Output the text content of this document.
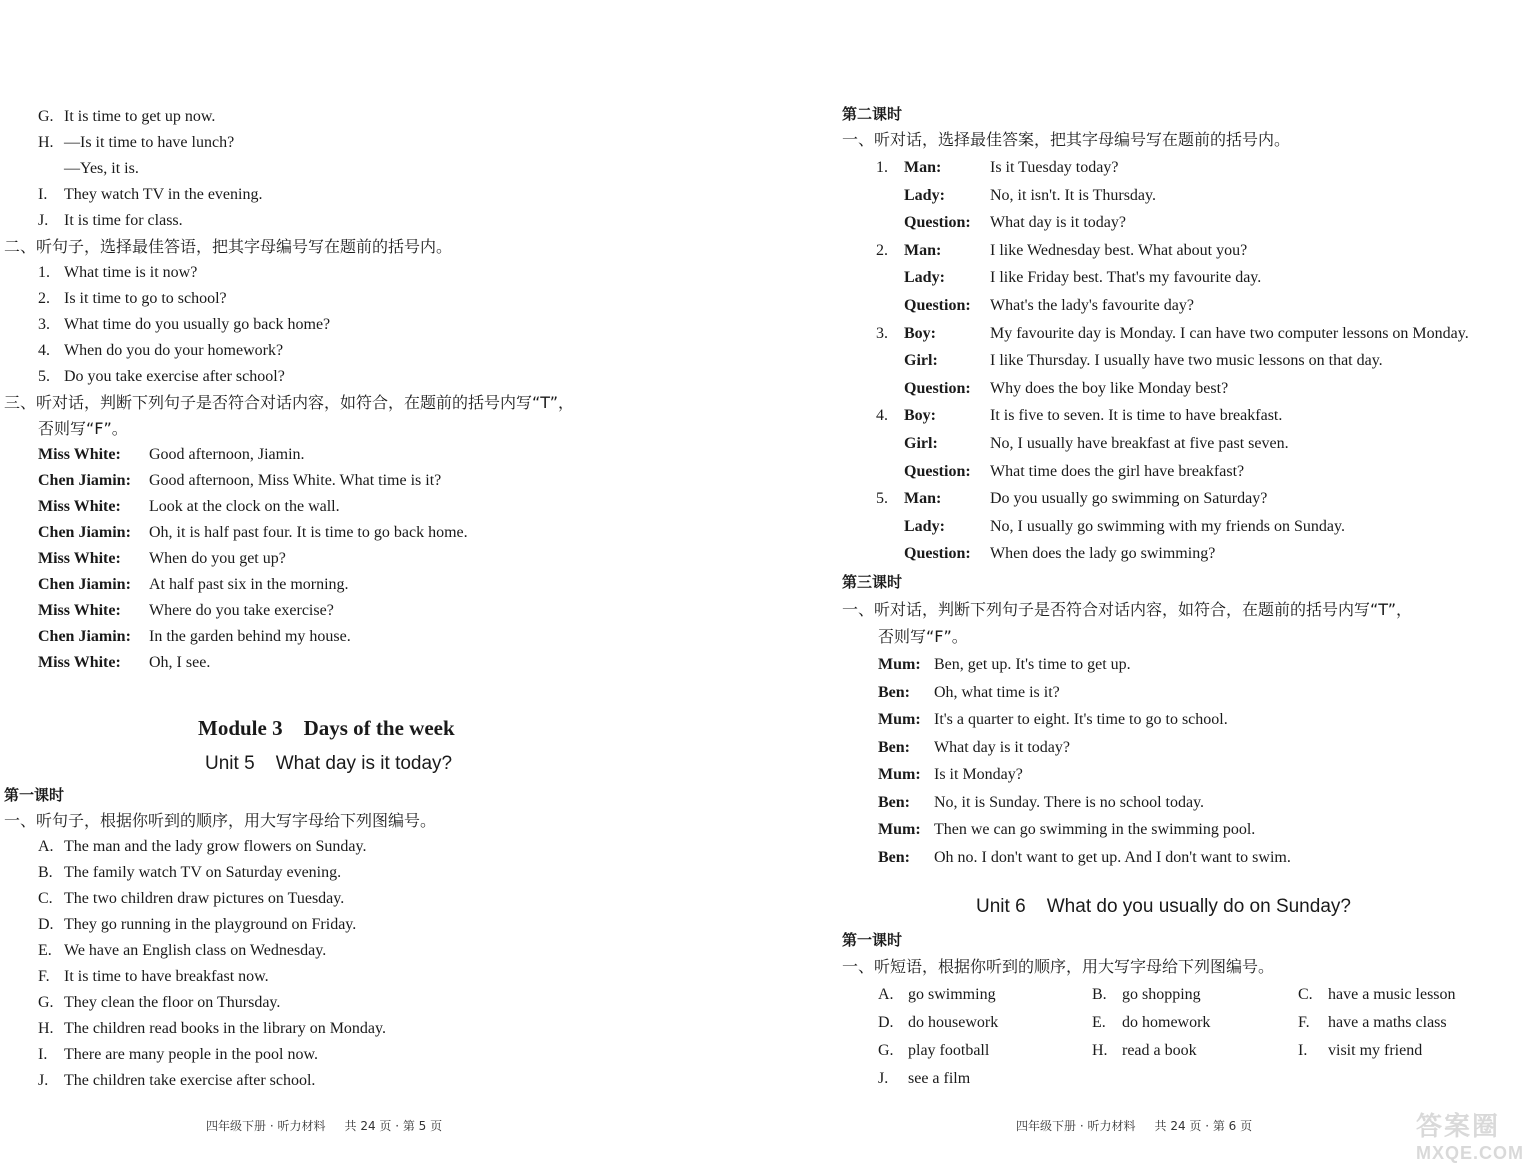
G. It is time to get up now.
H. —Is it time to have lunch?
—Yes, it is.
I. They watch TV in the evening.
J. It is time for class.
二、听句子，选择最佳答语，把其字母编号写在题前的括号内。
1. What time is it now?
2. Is it time to go to school?
3. What time do you usually go back home?
4. When do you do your homework?
5. Do you take exercise after school?
三、听对话，判断下列句子是否符合对话内容，如符合，在题前的括号内写“T”，
否则写“F”。
Miss White: Good afternoon, Jiamin.
Chen Jiamin: Good afternoon, Miss White. What time is it?
Miss White: Look at the clock on the wall.
Chen Jiamin: Oh, it is half past four. It is time to go back home.
Miss White: When do you get up?
Chen Jiamin: At half past six in the morning.
Miss White: Where do you take exercise?
Chen Jiamin: In the garden behind my house.
Miss White: Oh, I see.
Module 3    Days of the week
Unit 5    What day is it today?
第一课时
一、听句子，根据你听到的顺序，用大写字母给下列图编号。
A. The man and the lady grow flowers on Sunday.
B. The family watch TV on Saturday evening.
C. The two children draw pictures on Tuesday.
D. They go running in the playground on Friday.
E. We have an English class on Wednesday.
F. It is time to have breakfast now.
G. They clean the floor on Thursday.
H. The children read books in the library on Monday.
I. There are many people in the pool now.
J. The children take exercise after school.
四年级下册 · 听力材料     共 24 页 · 第 5 页
第二课时
一、听对话，选择最佳答案，把其字母编号写在题前的括号内。
1. Man:	Is it Tuesday today?
Lady:	No, it isn't. It is Thursday.
Question: What day is it today?
2. Man:	I like Wednesday best. What about you?
Lady:	I like Friday best. That's my favourite day.
Question: What's the lady's favourite day?
3. Boy:	My favourite day is Monday. I can have two computer lessons on Monday.
Girl:	I like Thursday. I usually have two music lessons on that day.
Question: Why does the boy like Monday best?
4. Boy:	It is five to seven. It is time to have breakfast.
Girl:	No, I usually have breakfast at five past seven.
Question: What time does the girl have breakfast?
5. Man:	Do you usually go swimming on Saturday?
Lady:	No, I usually go swimming with my friends on Sunday.
Question: When does the lady go swimming?
第三课时
一、听对话，判断下列句子是否符合对话内容，如符合，在题前的括号内写“T”，
否则写“F”。
Mum: Ben, get up. It's time to get up.
Ben: Oh, what time is it?
Mum: It's a quarter to eight. It's time to go to school.
Ben: What day is it today?
Mum: Is it Monday?
Ben: No, it is Sunday. There is no school today.
Mum: Then we can go swimming in the swimming pool.
Ben: Oh no. I don't want to get up. And I don't want to swim.
Unit 6    What do you usually do on Sunday?
第一课时
一、听短语，根据你听到的顺序，用大写字母给下列图编号。
A. go swimming	B. go shopping	C. have a music lesson
D. do housework	E. do homework	F. have a maths class
G. play football	H. read a book	I. visit my friend
J. see a film
四年级下册 · 听力材料     共 24 页 · 第 6 页	答案圈
MXQE.COM
